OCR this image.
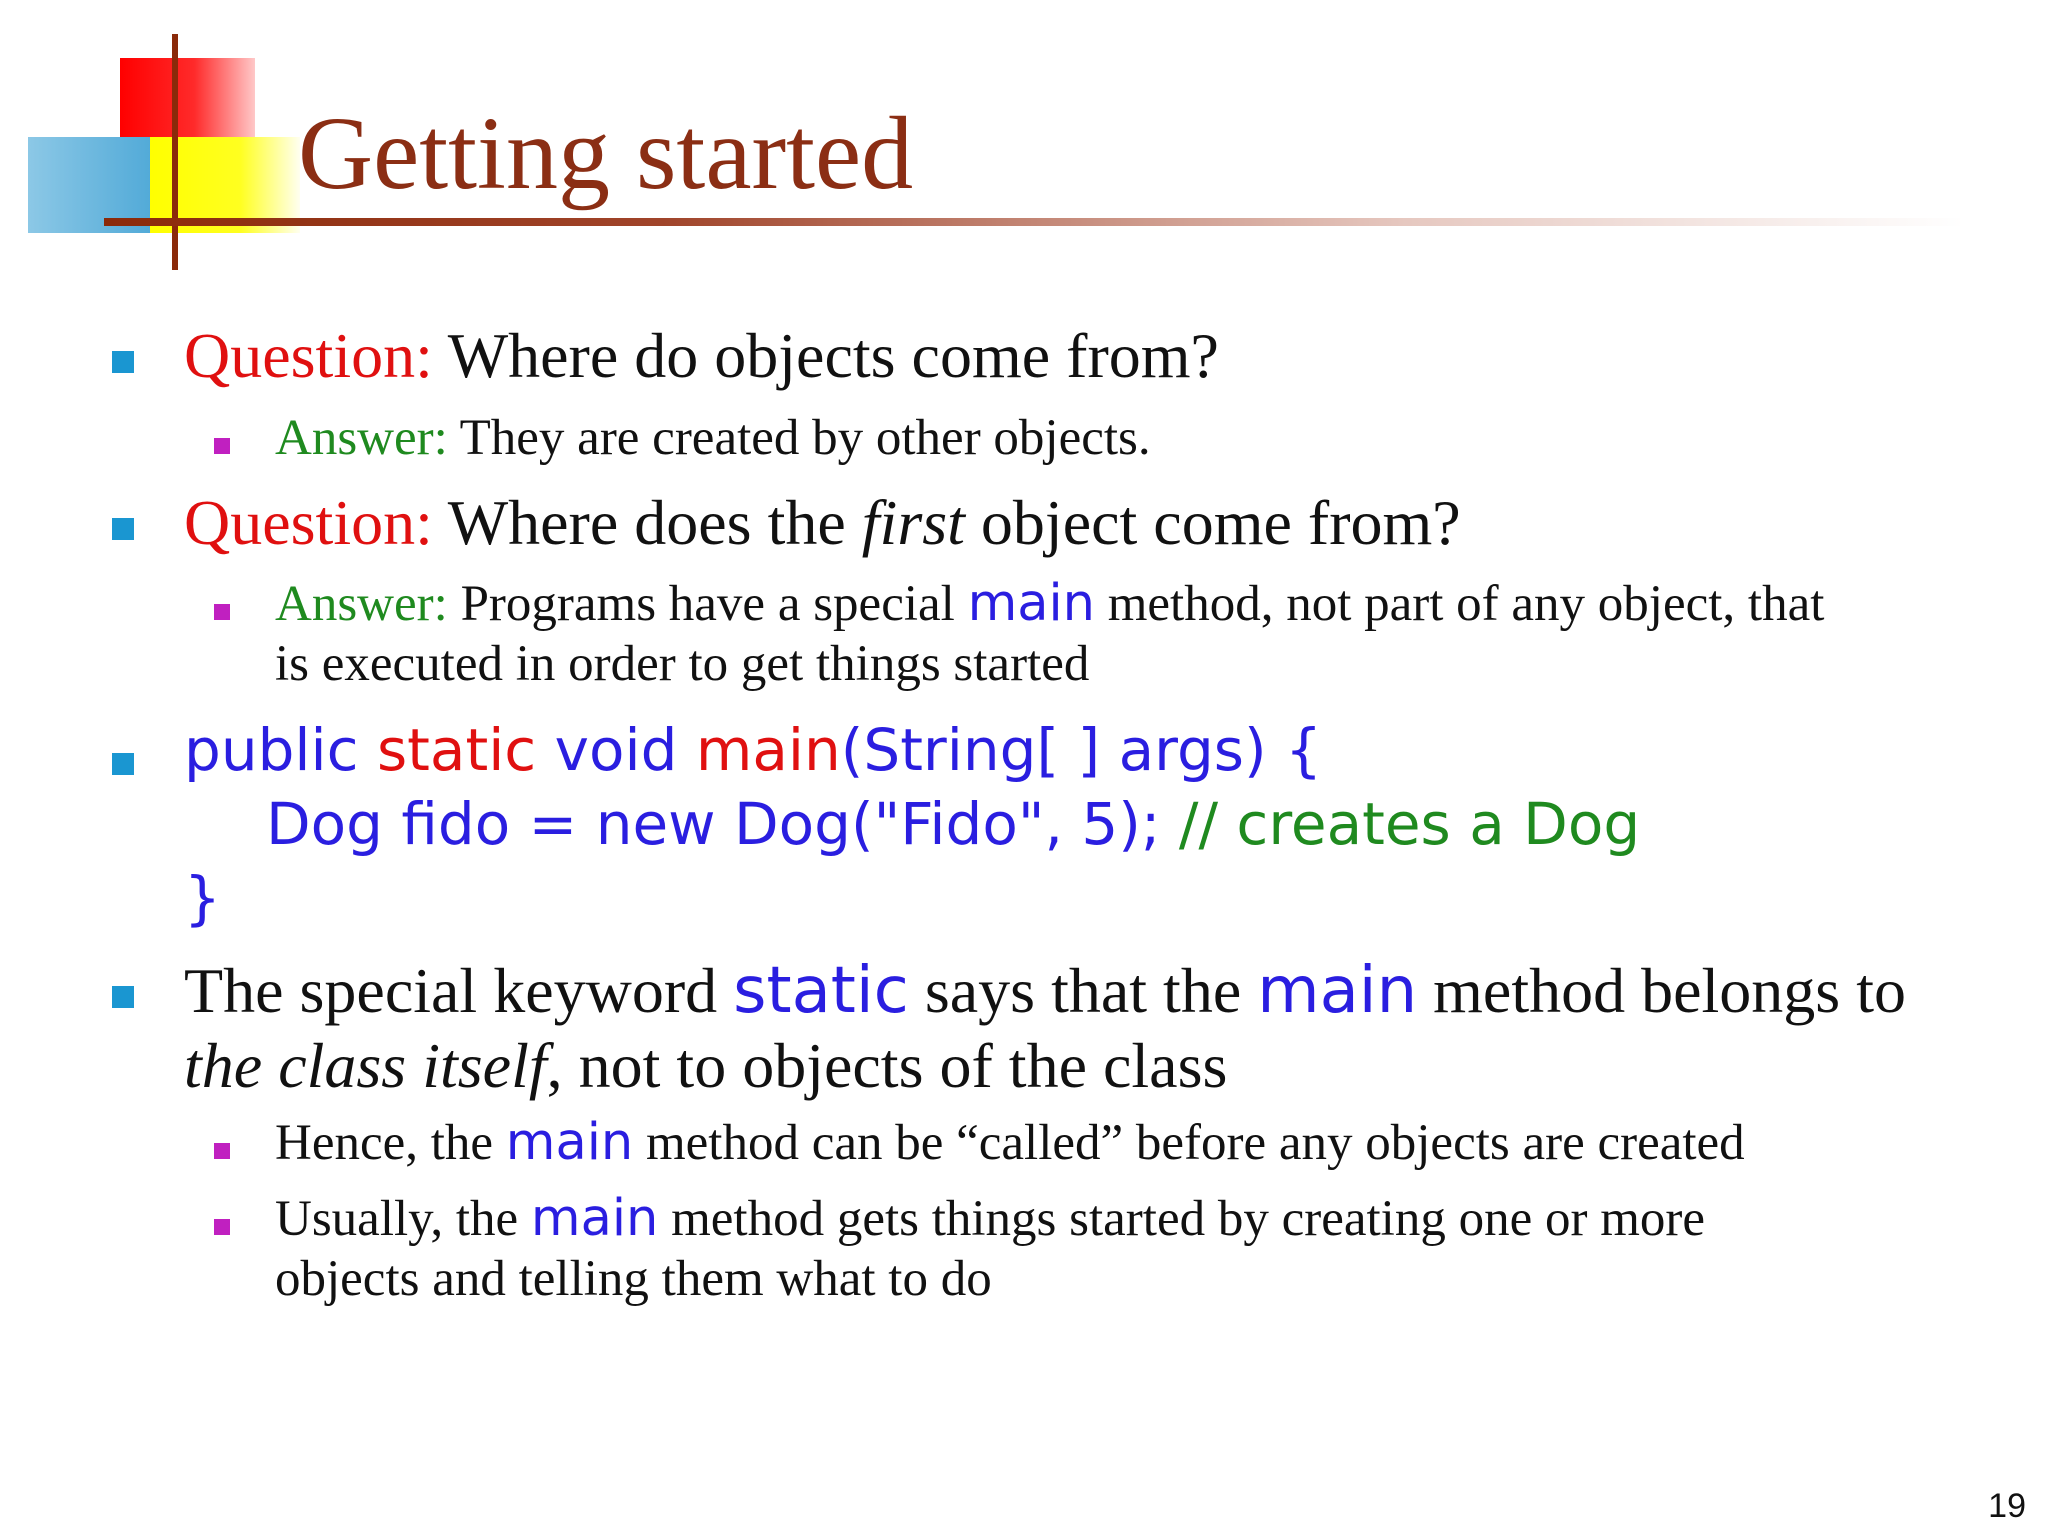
Getting started
Question: Where do objects come from?
Answer: They are created by other objects.
Question: Where does the first object come from?
Answer: Programs have a special main method, not part of any object, that
is executed in order to get things started
public static void main(String[ ] args) {
Dog fido = new Dog("Fido", 5); // creates a Dog
}
The special keyword static says that the main method belongs to
the class itself, not to objects of the class
Hence, the main method can be “called” before any objects are created
Usually, the main method gets things started by creating one or more
objects and telling them what to do
19
